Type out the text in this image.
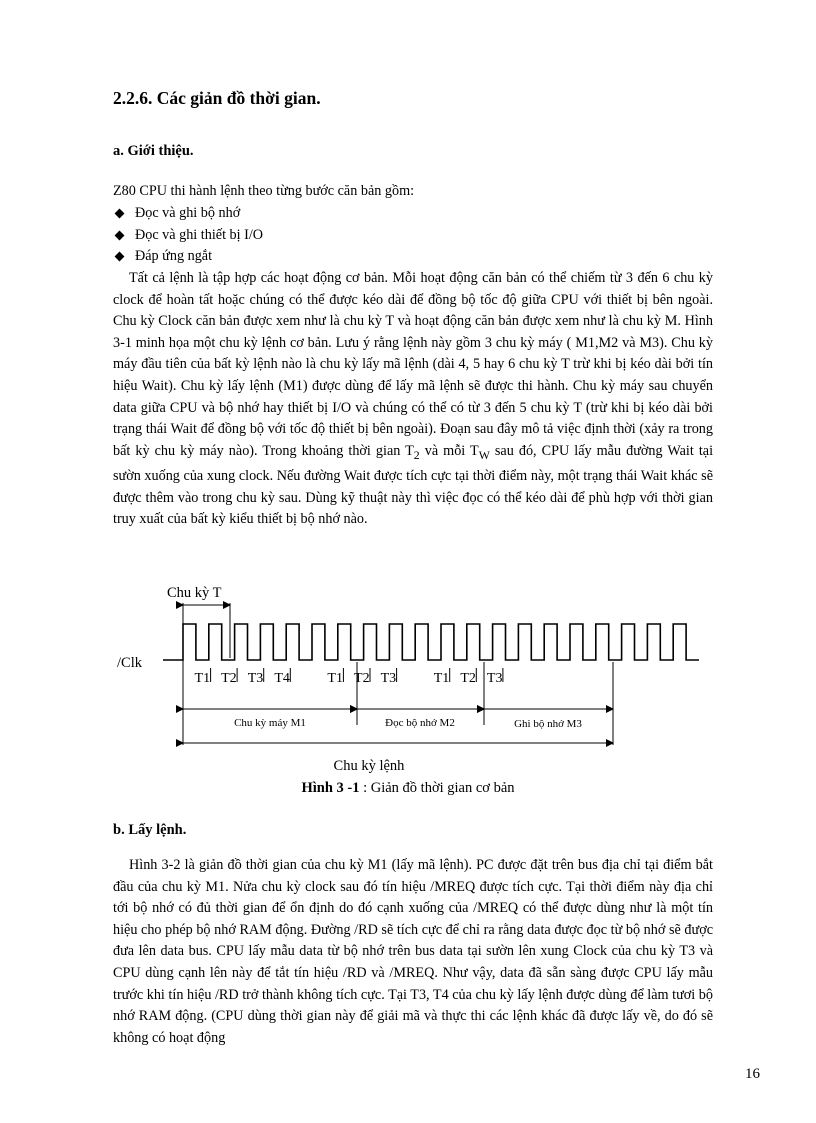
2.2.6. Các giản đồ thời gian.
a. Giới thiệu.

Z80 CPU thi hành lệnh theo từng bước căn bản gồm:

Đọc và ghi bộ nhớ
Đọc và ghi thiết bị I/O
Đáp ứng ngắt

Tất cả lệnh là tập hợp các hoạt động cơ bản. Mỗi hoạt động căn bản có thể chiếm từ 3 đến 6 chu kỳ clock để hoàn tất hoặc chúng có thể được kéo dài để đồng bộ tốc độ giữa CPU với thiết bị bên ngoài. Chu kỳ Clock căn bản được xem như là chu kỳ T và hoạt động căn bản được xem như là chu kỳ M. Hình 3-1 minh họa một chu kỳ lệnh cơ bản. Lưu ý rằng lệnh này gồm 3 chu kỳ máy ( M1,M2 và M3). Chu kỳ máy đầu tiên của bất kỳ lệnh nào là chu kỳ lấy mã lệnh (dài 4, 5 hay 6 chu kỳ T trừ khi bị kéo dài bởi tín hiệu Wait). Chu kỳ lấy lệnh (M1) được dùng để lấy mã lệnh sẽ được thi hành. Chu kỳ máy sau chuyển data giữa CPU và bộ nhớ hay thiết bị I/O và chúng có thể có từ 3 đến 5 chu kỳ T (trừ khi bị kéo dài bởi trạng thái Wait để đồng bộ với tốc độ thiết bị bên ngoài). Đoạn sau đây mô tả việc định thời (xảy ra trong bất kỳ chu kỳ máy nào). Trong khoảng thời gian $T_2$ và mỗi $T_W$ sau đó, CPU lấy mẫu đường Wait tại sườn xuống của xung clock. Nếu đường Wait được tích cực tại thời điểm này, một trạng thái Wait khác sẽ được thêm vào trong chu kỳ sau. Dùng kỹ thuật này thì việc đọc có thể kéo dài để phù hợp với thời gian truy xuất của bất kỳ kiểu thiết bị bộ nhớ nào.

Chu kỳ T
/Clk
T1 T2 T3 T4	T1 T2 T3	T1 T2 T3
Chu kỳ máy M1	Đọc bộ nhớ M2	Ghi bộ nhớ M3
Chu kỳ lệnh
Hình 3 -1 : Giản đồ thời gian cơ bản
b. Lấy lệnh.

Hình 3-2 là giản đồ thời gian của chu kỳ M1 (lấy mã lệnh). PC được đặt trên bus địa chỉ tại điểm bắt đầu của chu kỳ M1. Nửa chu kỳ clock sau đó tín hiệu /MREQ được tích cực. Tại thời điểm này địa chỉ tới bộ nhớ có đủ thời gian để ổn định do đó cạnh xuống của /MREQ có thể được dùng như là một tín hiệu cho phép bộ nhớ RAM động. Đường /RD sẽ tích cực để chỉ ra rằng data được đọc từ bộ nhớ sẽ được đưa lên data bus. CPU lấy mẫu data từ bộ nhớ trên bus data tại sườn lên xung Clock của chu kỳ T3 và CPU dùng cạnh lên này để tắt tín hiệu /RD và /MREQ. Như vậy, data đã sẵn sàng được CPU lấy mẫu trước khi tín hiệu /RD trở thành không tích cực. Tại T3, T4 của chu kỳ lấy lệnh được dùng để làm tươi bộ nhớ RAM động. (CPU dùng thời gian này để giải mã và thực thi các lệnh khác đã được lấy về, do đó sẽ không có hoạt động

16
